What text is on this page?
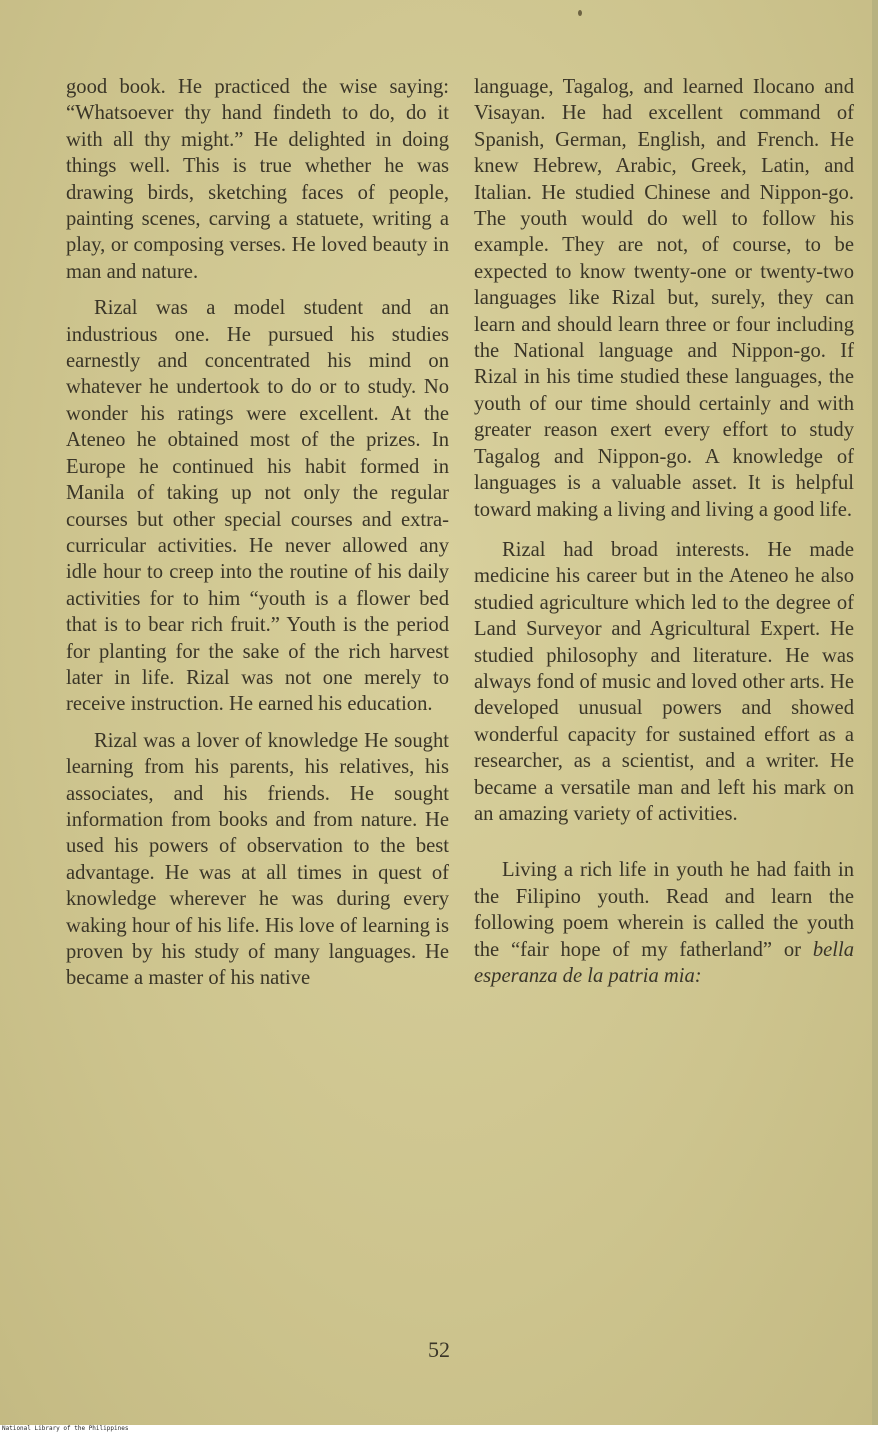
good book. He practiced the wise saying: “Whatsoever thy hand findeth to do, do it with all thy might.” He delighted in doing things well. This is true whether he was drawing birds, sketching faces of people, painting scenes, carving a statuete, writing a play, or composing verses. He loved beauty in man and nature.

Rizal was a model student and an industrious one. He pursued his studies earnestly and concentrated his mind on whatever he undertook to do or to study. No wonder his ratings were excellent. At the Ateneo he obtained most of the prizes. In Europe he continued his habit formed in Manila of taking up not only the regular courses but other special courses and extra-curricular activities. He never allowed any idle hour to creep into the routine of his daily activities for to him “youth is a flower bed that is to bear rich fruit.” Youth is the period for planting for the sake of the rich harvest later in life. Rizal was not one merely to receive instruction. He earned his education.

Rizal was a lover of knowledge He sought learning from his parents, his relatives, his associates, and his friends. He sought information from books and from nature. He used his powers of observation to the best advantage. He was at all times in quest of knowledge wherever he was during every waking hour of his life. His love of learning is proven by his study of many languages. He became a master of his native

language, Tagalog, and learned Ilocano and Visayan. He had excellent command of Spanish, German, English, and French. He knew Hebrew, Arabic, Greek, Latin, and Italian. He studied Chinese and Nippon-go. The youth would do well to follow his example. They are not, of course, to be expected to know twenty-one or twenty-two languages like Rizal but, surely, they can learn and should learn three or four including the National language and Nippon-go. If Rizal in his time studied these languages, the youth of our time should certainly and with greater reason exert every effort to study Tagalog and Nippon-go. A knowledge of languages is a valuable asset. It is helpful toward making a living and living a good life.

Rizal had broad interests. He made medicine his career but in the Ateneo he also studied agriculture which led to the degree of Land Surveyor and Agricultural Expert. He studied philosophy and literature. He was always fond of music and loved other arts. He developed unusual powers and showed wonderful capacity for sustained effort as a researcher, as a scientist, and a writer. He became a versatile man and left his mark on an amazing variety of activities.

Living a rich life in youth he had faith in the Filipino youth. Read and learn the following poem wherein is called the youth the “fair hope of my fatherland” or bella esperanza de la patria mia:

52
National Library of the Philippines
